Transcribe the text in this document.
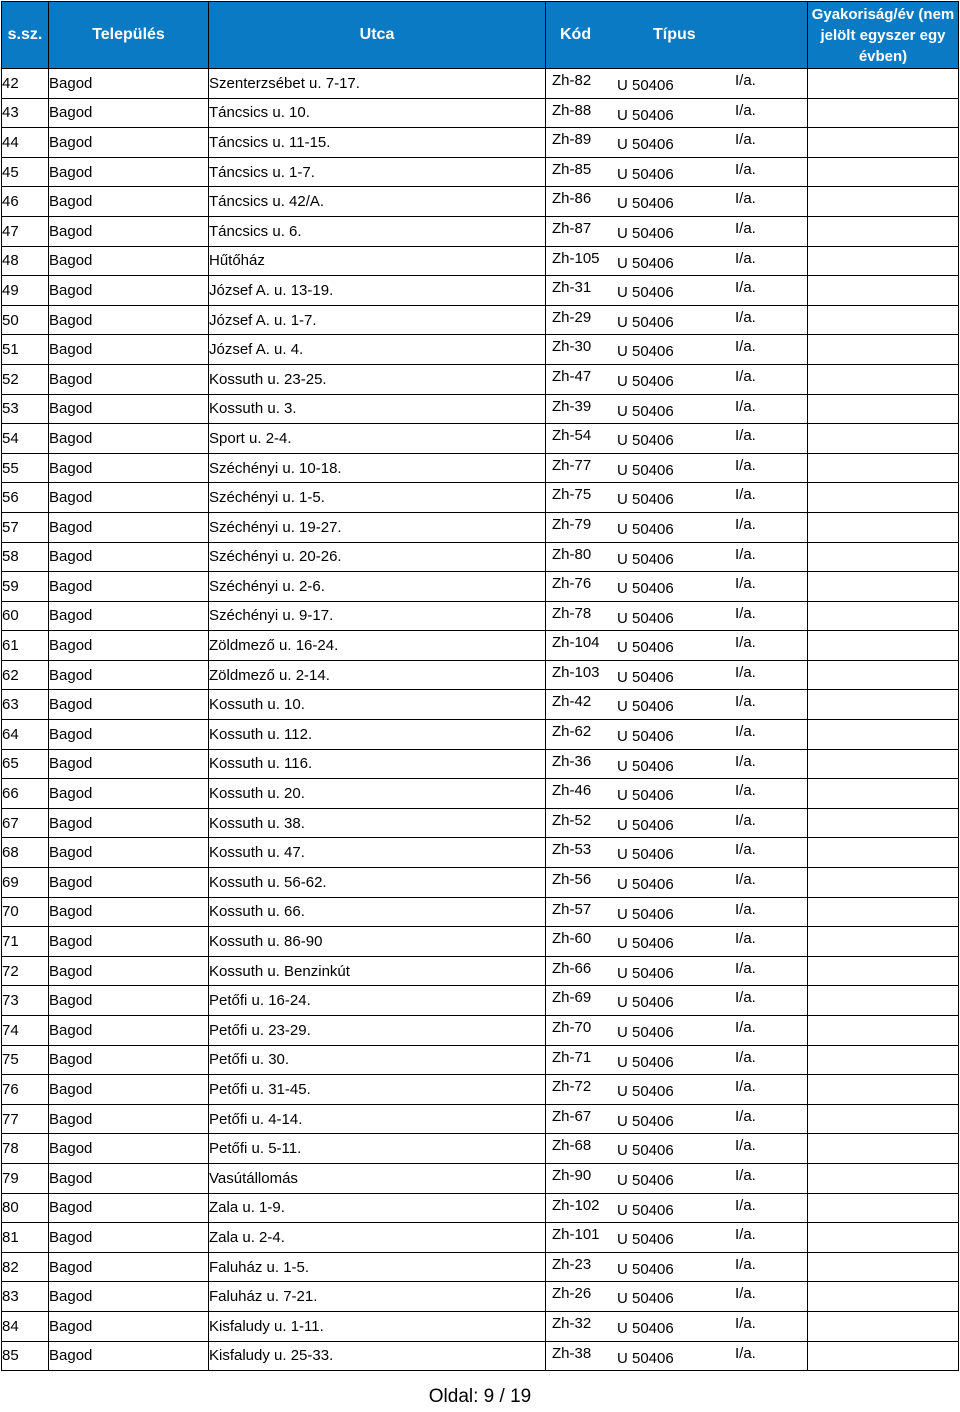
s.sz.	Település	Utca	Kód Típus	Gyakoriság/év (nem jelölt egyszer egy évben)
42	Bagod	Szenterzsébet u. 7-17.	Zh-82 U 50406 I/a.	

43	Bagod	Táncsics u. 10.	Zh-88 U 50406 I/a.	

44	Bagod	Táncsics u. 11-15.	Zh-89 U 50406 I/a.	

45	Bagod	Táncsics u. 1-7.	Zh-85 U 50406 I/a.	

46	Bagod	Táncsics u. 42/A.	Zh-86 U 50406 I/a.	

47	Bagod	Táncsics u. 6.	Zh-87 U 50406 I/a.	

48	Bagod	Hűtőház	Zh-105 U 50406 I/a.	

49	Bagod	József A. u. 13-19.	Zh-31 U 50406 I/a.	

50	Bagod	József A. u. 1-7.	Zh-29 U 50406 I/a.	

51	Bagod	József A. u. 4.	Zh-30 U 50406 I/a.	

52	Bagod	Kossuth u. 23-25.	Zh-47 U 50406 I/a.	

53	Bagod	Kossuth u. 3.	Zh-39 U 50406 I/a.	

54	Bagod	Sport u. 2-4.	Zh-54 U 50406 I/a.	

55	Bagod	Széchényi u. 10-18.	Zh-77 U 50406 I/a.	

56	Bagod	Széchényi u. 1-5.	Zh-75 U 50406 I/a.	

57	Bagod	Széchényi u. 19-27.	Zh-79 U 50406 I/a.	

58	Bagod	Széchényi u. 20-26.	Zh-80 U 50406 I/a.	

59	Bagod	Széchényi u. 2-6.	Zh-76 U 50406 I/a.	

60	Bagod	Széchényi u. 9-17.	Zh-78 U 50406 I/a.	

61	Bagod	Zöldmező u. 16-24.	Zh-104 U 50406 I/a.	

62	Bagod	Zöldmező u. 2-14.	Zh-103 U 50406 I/a.	

63	Bagod	Kossuth u. 10.	Zh-42 U 50406 I/a.	

64	Bagod	Kossuth u. 112.	Zh-62 U 50406 I/a.	

65	Bagod	Kossuth u. 116.	Zh-36 U 50406 I/a.	

66	Bagod	Kossuth u. 20.	Zh-46 U 50406 I/a.	

67	Bagod	Kossuth u. 38.	Zh-52 U 50406 I/a.	

68	Bagod	Kossuth u. 47.	Zh-53 U 50406 I/a.	

69	Bagod	Kossuth u. 56-62.	Zh-56 U 50406 I/a.	

70	Bagod	Kossuth u. 66.	Zh-57 U 50406 I/a.	

71	Bagod	Kossuth u. 86-90	Zh-60 U 50406 I/a.	

72	Bagod	Kossuth u. Benzinkút	Zh-66 U 50406 I/a.	

73	Bagod	Petőfi u. 16-24.	Zh-69 U 50406 I/a.	

74	Bagod	Petőfi u. 23-29.	Zh-70 U 50406 I/a.	

75	Bagod	Petőfi u. 30.	Zh-71 U 50406 I/a.	

76	Bagod	Petőfi u. 31-45.	Zh-72 U 50406 I/a.	

77	Bagod	Petőfi u. 4-14.	Zh-67 U 50406 I/a.	

78	Bagod	Petőfi u. 5-11.	Zh-68 U 50406 I/a.	

79	Bagod	Vasútállomás	Zh-90 U 50406 I/a.	

80	Bagod	Zala u. 1-9.	Zh-102 U 50406 I/a.	

81	Bagod	Zala u. 2-4.	Zh-101 U 50406 I/a.	

82	Bagod	Faluház u. 1-5.	Zh-23 U 50406 I/a.	

83	Bagod	Faluház u. 7-21.	Zh-26 U 50406 I/a.	

84	Bagod	Kisfaludy u. 1-11.	Zh-32 U 50406 I/a.	

85	Bagod	Kisfaludy u. 25-33.	Zh-38 U 50406 I/a.	

Oldal: 9 / 19
